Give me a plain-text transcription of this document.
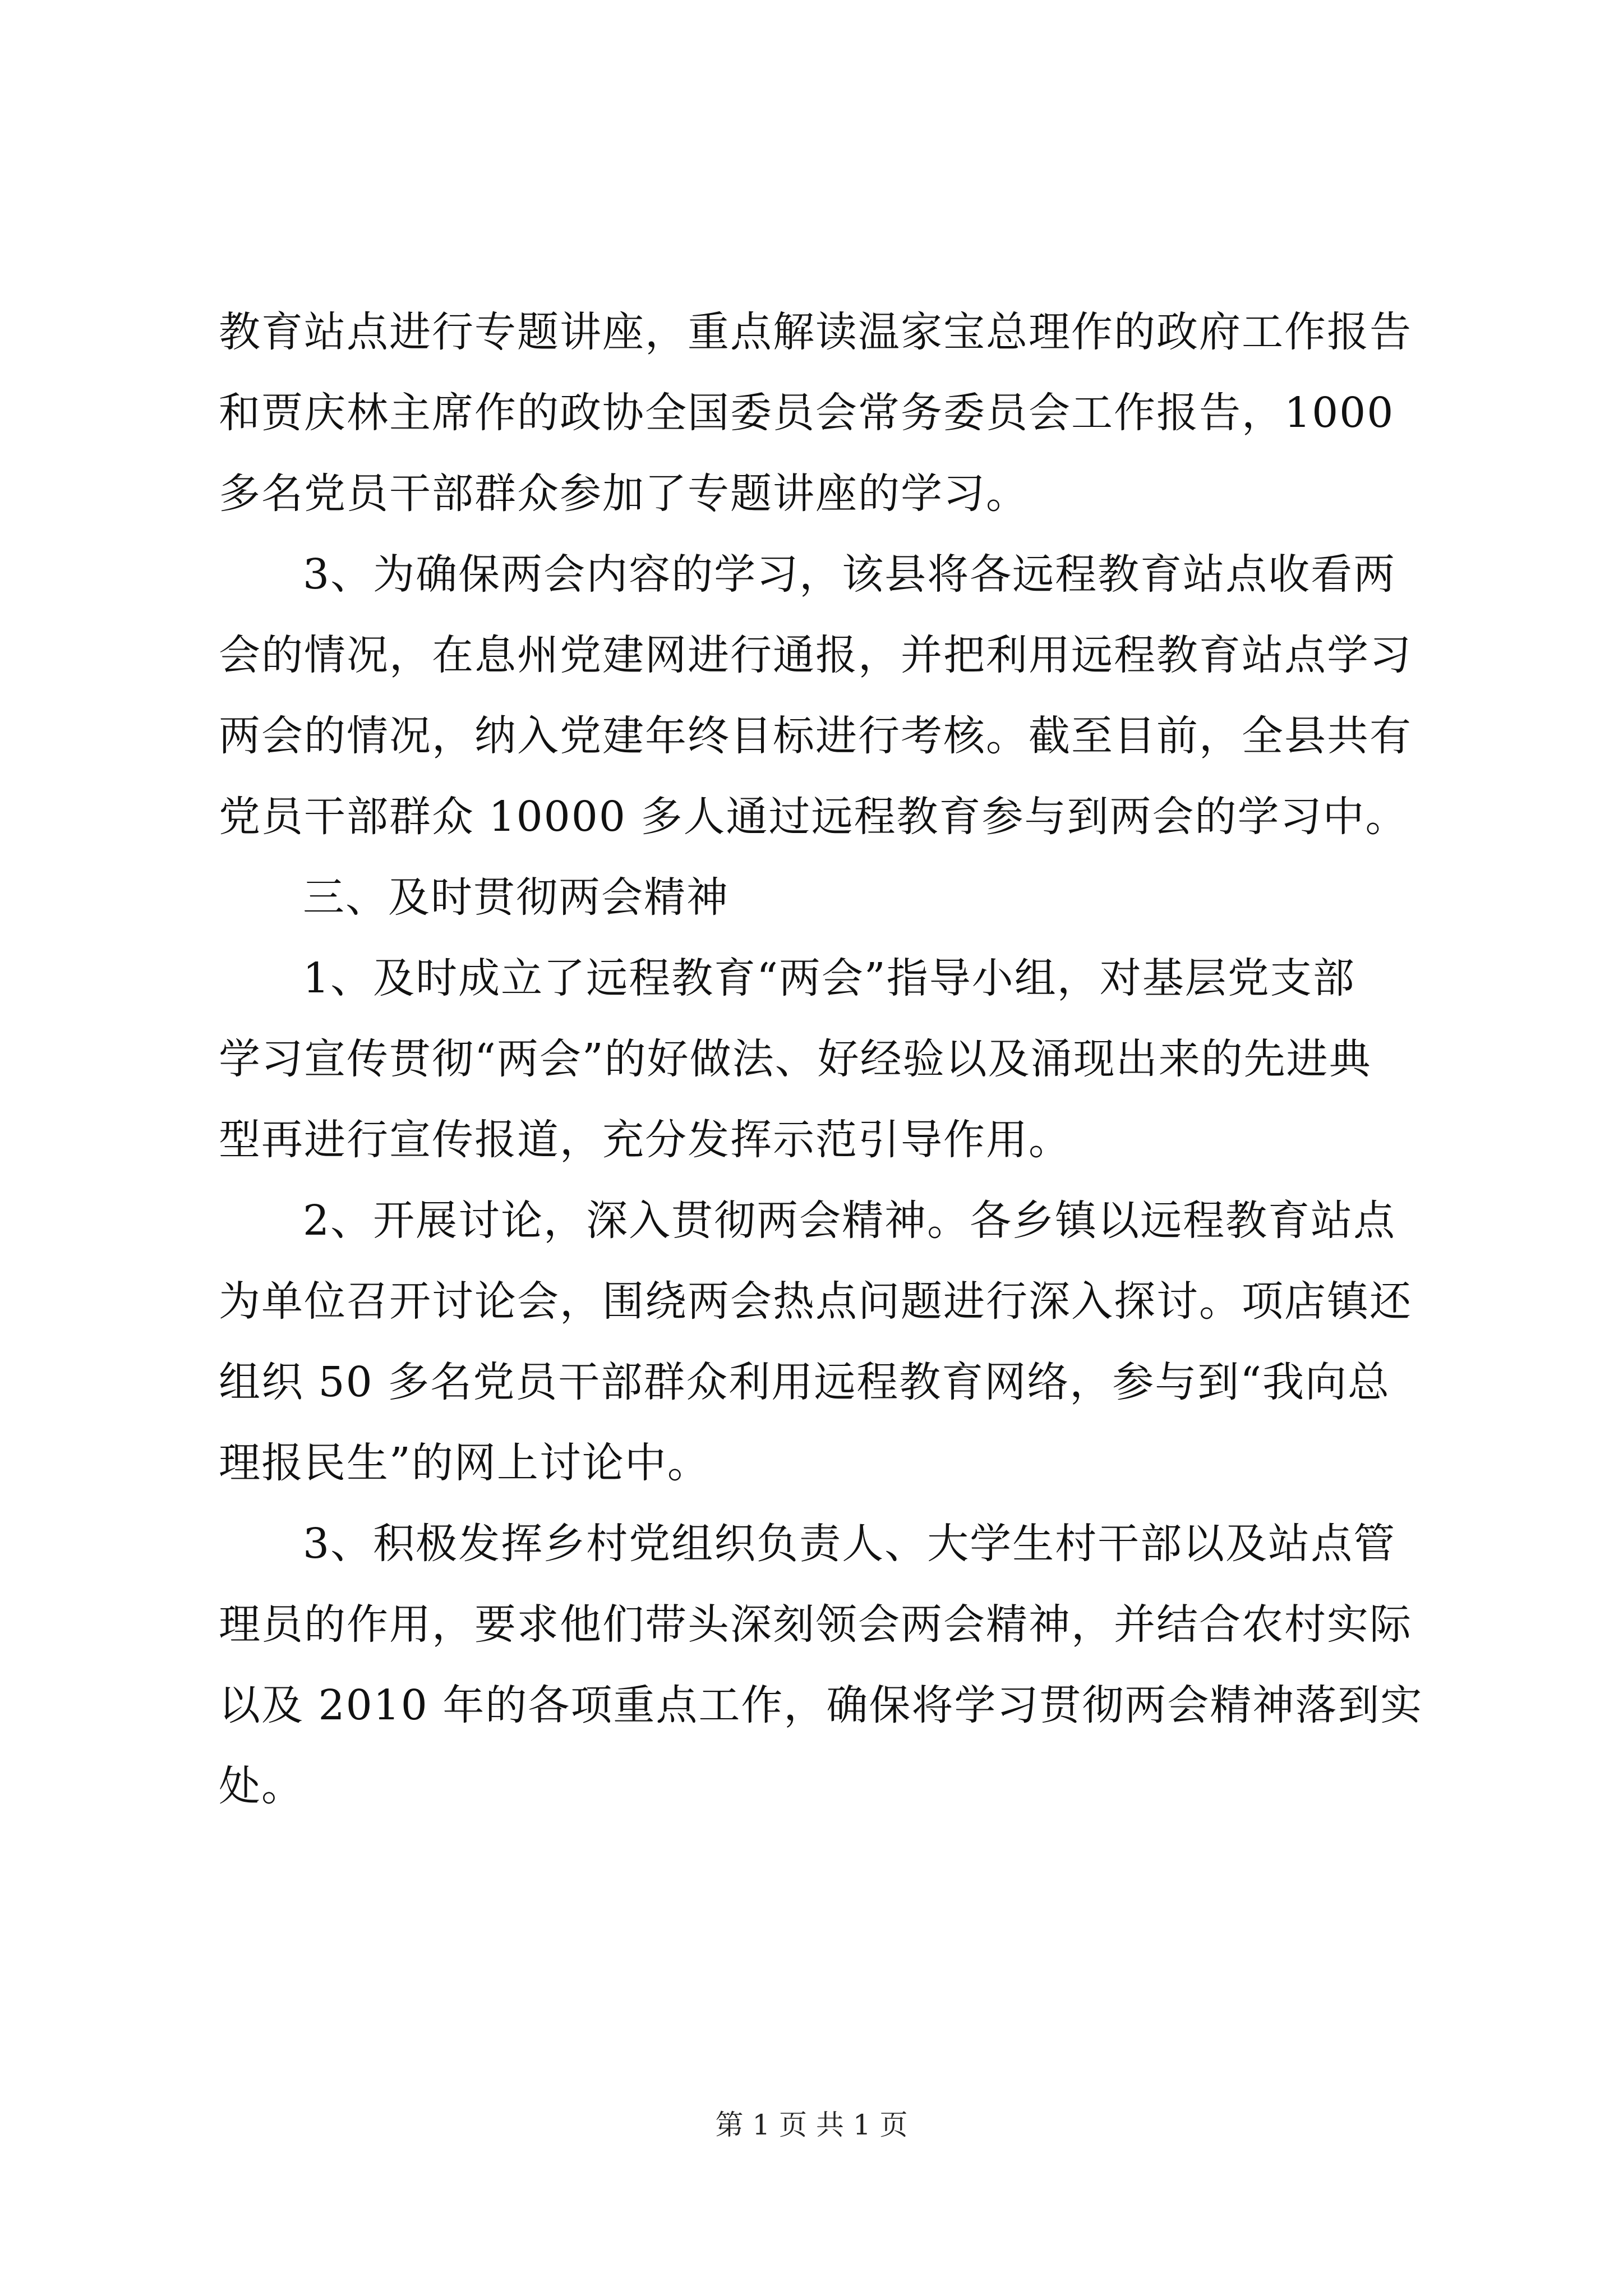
教育站点进行专题讲座，重点解读温家宝总理作的政府工作报告
和贾庆林主席作的政协全国委员会常务委员会工作报告，1000
多名党员干部群众参加了专题讲座的学习。
3、为确保两会内容的学习，该县将各远程教育站点收看两
会的情况，在息州党建网进行通报，并把利用远程教育站点学习
两会的情况，纳入党建年终目标进行考核。截至目前，全县共有
党员干部群众 10000 多人通过远程教育参与到两会的学习中。
三、及时贯彻两会精神
1、及时成立了远程教育“两会”指导小组，对基层党支部
学习宣传贯彻“两会”的好做法、好经验以及涌现出来的先进典
型再进行宣传报道，充分发挥示范引导作用。
2、开展讨论，深入贯彻两会精神。各乡镇以远程教育站点
为单位召开讨论会，围绕两会热点问题进行深入探讨。项店镇还
组织 50 多名党员干部群众利用远程教育网络，参与到“我向总
理报民生”的网上讨论中。
3、积极发挥乡村党组织负责人、大学生村干部以及站点管
理员的作用，要求他们带头深刻领会两会精神，并结合农村实际
以及 2010 年的各项重点工作，确保将学习贯彻两会精神落到实
处。
第 1 页 共 1 页
